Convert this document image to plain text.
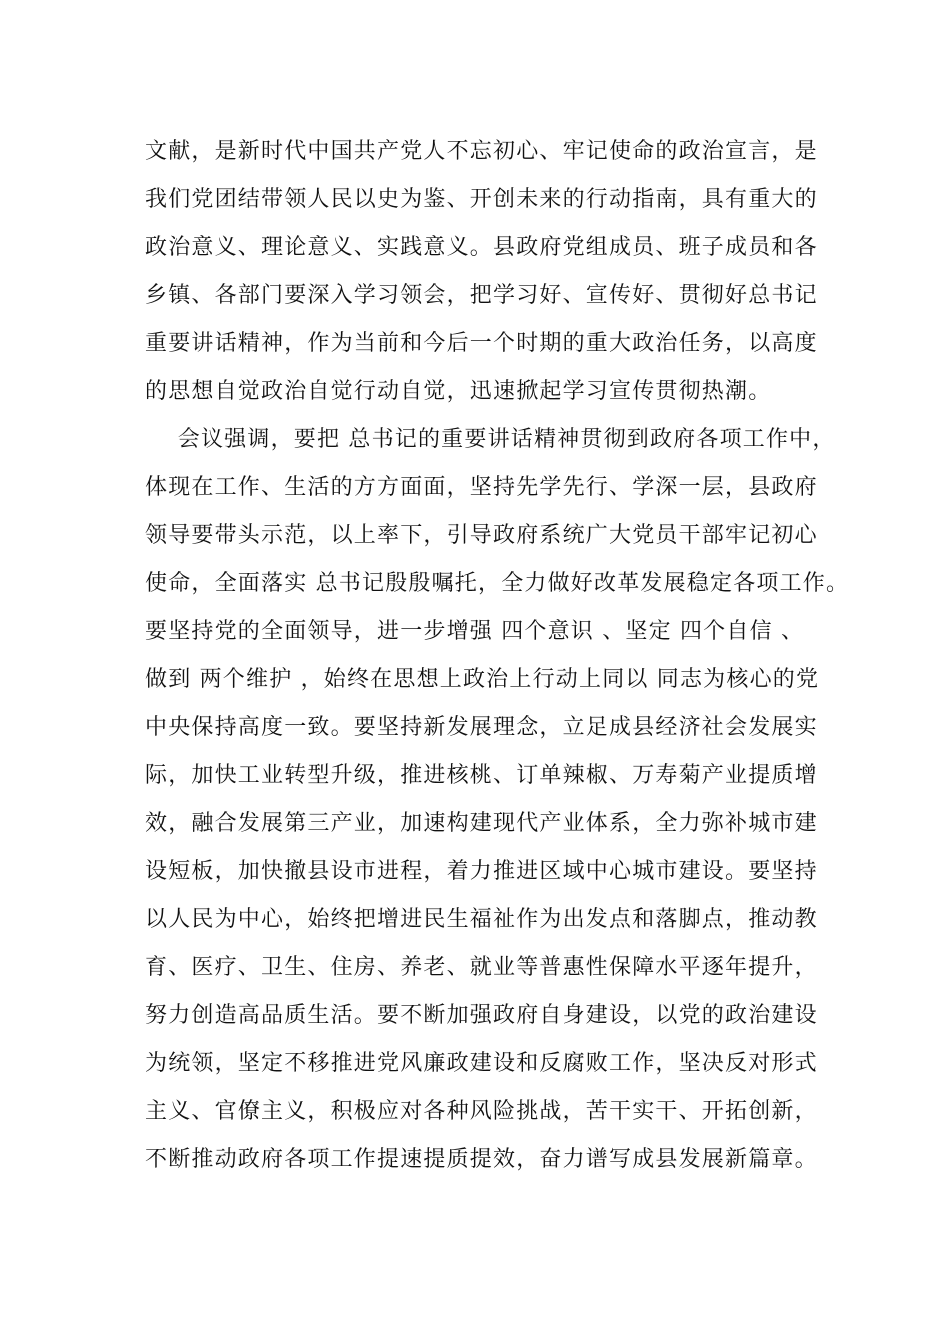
文献，是新时代中国共产党人不忘初心、牢记使命的政治宣言，是
我们党团结带领人民以史为鉴、开创未来的行动指南，具有重大的
政治意义、理论意义、实践意义。县政府党组成员、班子成员和各
乡镇、各部门要深入学习领会，把学习好、宣传好、贯彻好总书记
重要讲话精神，作为当前和今后一个时期的重大政治任务，以高度
的思想自觉政治自觉行动自觉，迅速掀起学习宣传贯彻热潮。
会议强调，要把 总书记的重要讲话精神贯彻到政府各项工作中，
体现在工作、生活的方方面面，坚持先学先行、学深一层，县政府
领导要带头示范，以上率下，引导政府系统广大党员干部牢记初心
使命，全面落实 总书记殷殷嘱托，全力做好改革发展稳定各项工作。
要坚持党的全面领导，进一步增强 四个意识 、坚定 四个自信 、
做到 两个维护 ，始终在思想上政治上行动上同以 同志为核心的党
中央保持高度一致。要坚持新发展理念，立足成县经济社会发展实
际，加快工业转型升级，推进核桃、订单辣椒、万寿菊产业提质增
效，融合发展第三产业，加速构建现代产业体系，全力弥补城市建
设短板，加快撤县设市进程，着力推进区域中心城市建设。要坚持
以人民为中心，始终把增进民生福祉作为出发点和落脚点，推动教
育、医疗、卫生、住房、养老、就业等普惠性保障水平逐年提升，
努力创造高品质生活。要不断加强政府自身建设，以党的政治建设
为统领，坚定不移推进党风廉政建设和反腐败工作，坚决反对形式
主义、官僚主义，积极应对各种风险挑战，苦干实干、开拓创新，
不断推动政府各项工作提速提质提效，奋力谱写成县发展新篇章。
